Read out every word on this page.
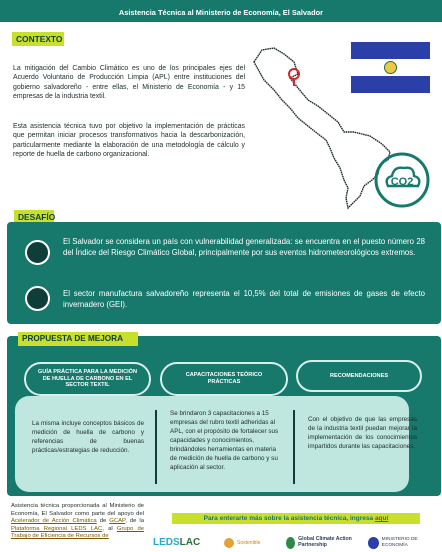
Asistencia Técnica al Ministerio de Economía, El Salvador
CONTEXTO
La mitigación del Cambio Climático es uno de los principales ejes del Acuerdo Voluntario de Producción Limpia (APL) entre instituciones del gobierno salvadoreño - entre ellas, el Ministerio de Economía - y 15 empresas de la industria textil.
Esta asistencia técnica tuvo por objetivo la implementación de prácticas que permitan iniciar procesos transformativos hacia la descarbonización, particularmente mediante la elaboración de una metodología de cálculo y reporte de huella de carbono organizacional.
CO2
DESAFÍO
El Salvador se considera un país con vulnerabilidad generalizada: se encuentra en el puesto número 28 del Índice del Riesgo Climático Global, principalmente por sus eventos hidrometeorológicos extremos.
El sector manufactura salvadoreño representa el 10,5% del total de emisiones de gases de efecto invernadero (GEI).
PROPUESTA DE MEJORA
GUÍA PRÁCTICA PARA LA MEDICIÓN DE HUELLA DE CARBONO EN EL SECTOR TEXTIL
CAPACITACIONES TEÓRICO PRÁCTICAS
RECOMENDACIONES
La misma incluye conceptos básicos de medición de huella de carbono y referencias de buenas prácticas/estrategias de reducción.
Se brindaron 3 capacitaciones a 15 empresas del rubro textil adheridas al APL, con el propósito de fortalecer sus capacidades y conocimientos, brindándoles herramientas en materia de medición de huella de carbono y su aplicación al sector.
Con el objetivo de que las empresas de la industria textil puedan mejorar la implementación de los conocimientos impartidos durante las capacitaciones.
Asistencia técnica proporcionada al Ministerio de Economía, El Salvador como parte del apoyo del Acelerador de Acción Climática de GCAP, de la Plataforma Regional LEDS LAC, al Grupo de Trabajo de Eficiencia de Recursos de
Para enterarte más sobre la asistencia técnica, ingresa aquí
LEDS LAC	Sostenible
Global Climate Action Partnership
MINISTERIO DE ECONOMÍA
